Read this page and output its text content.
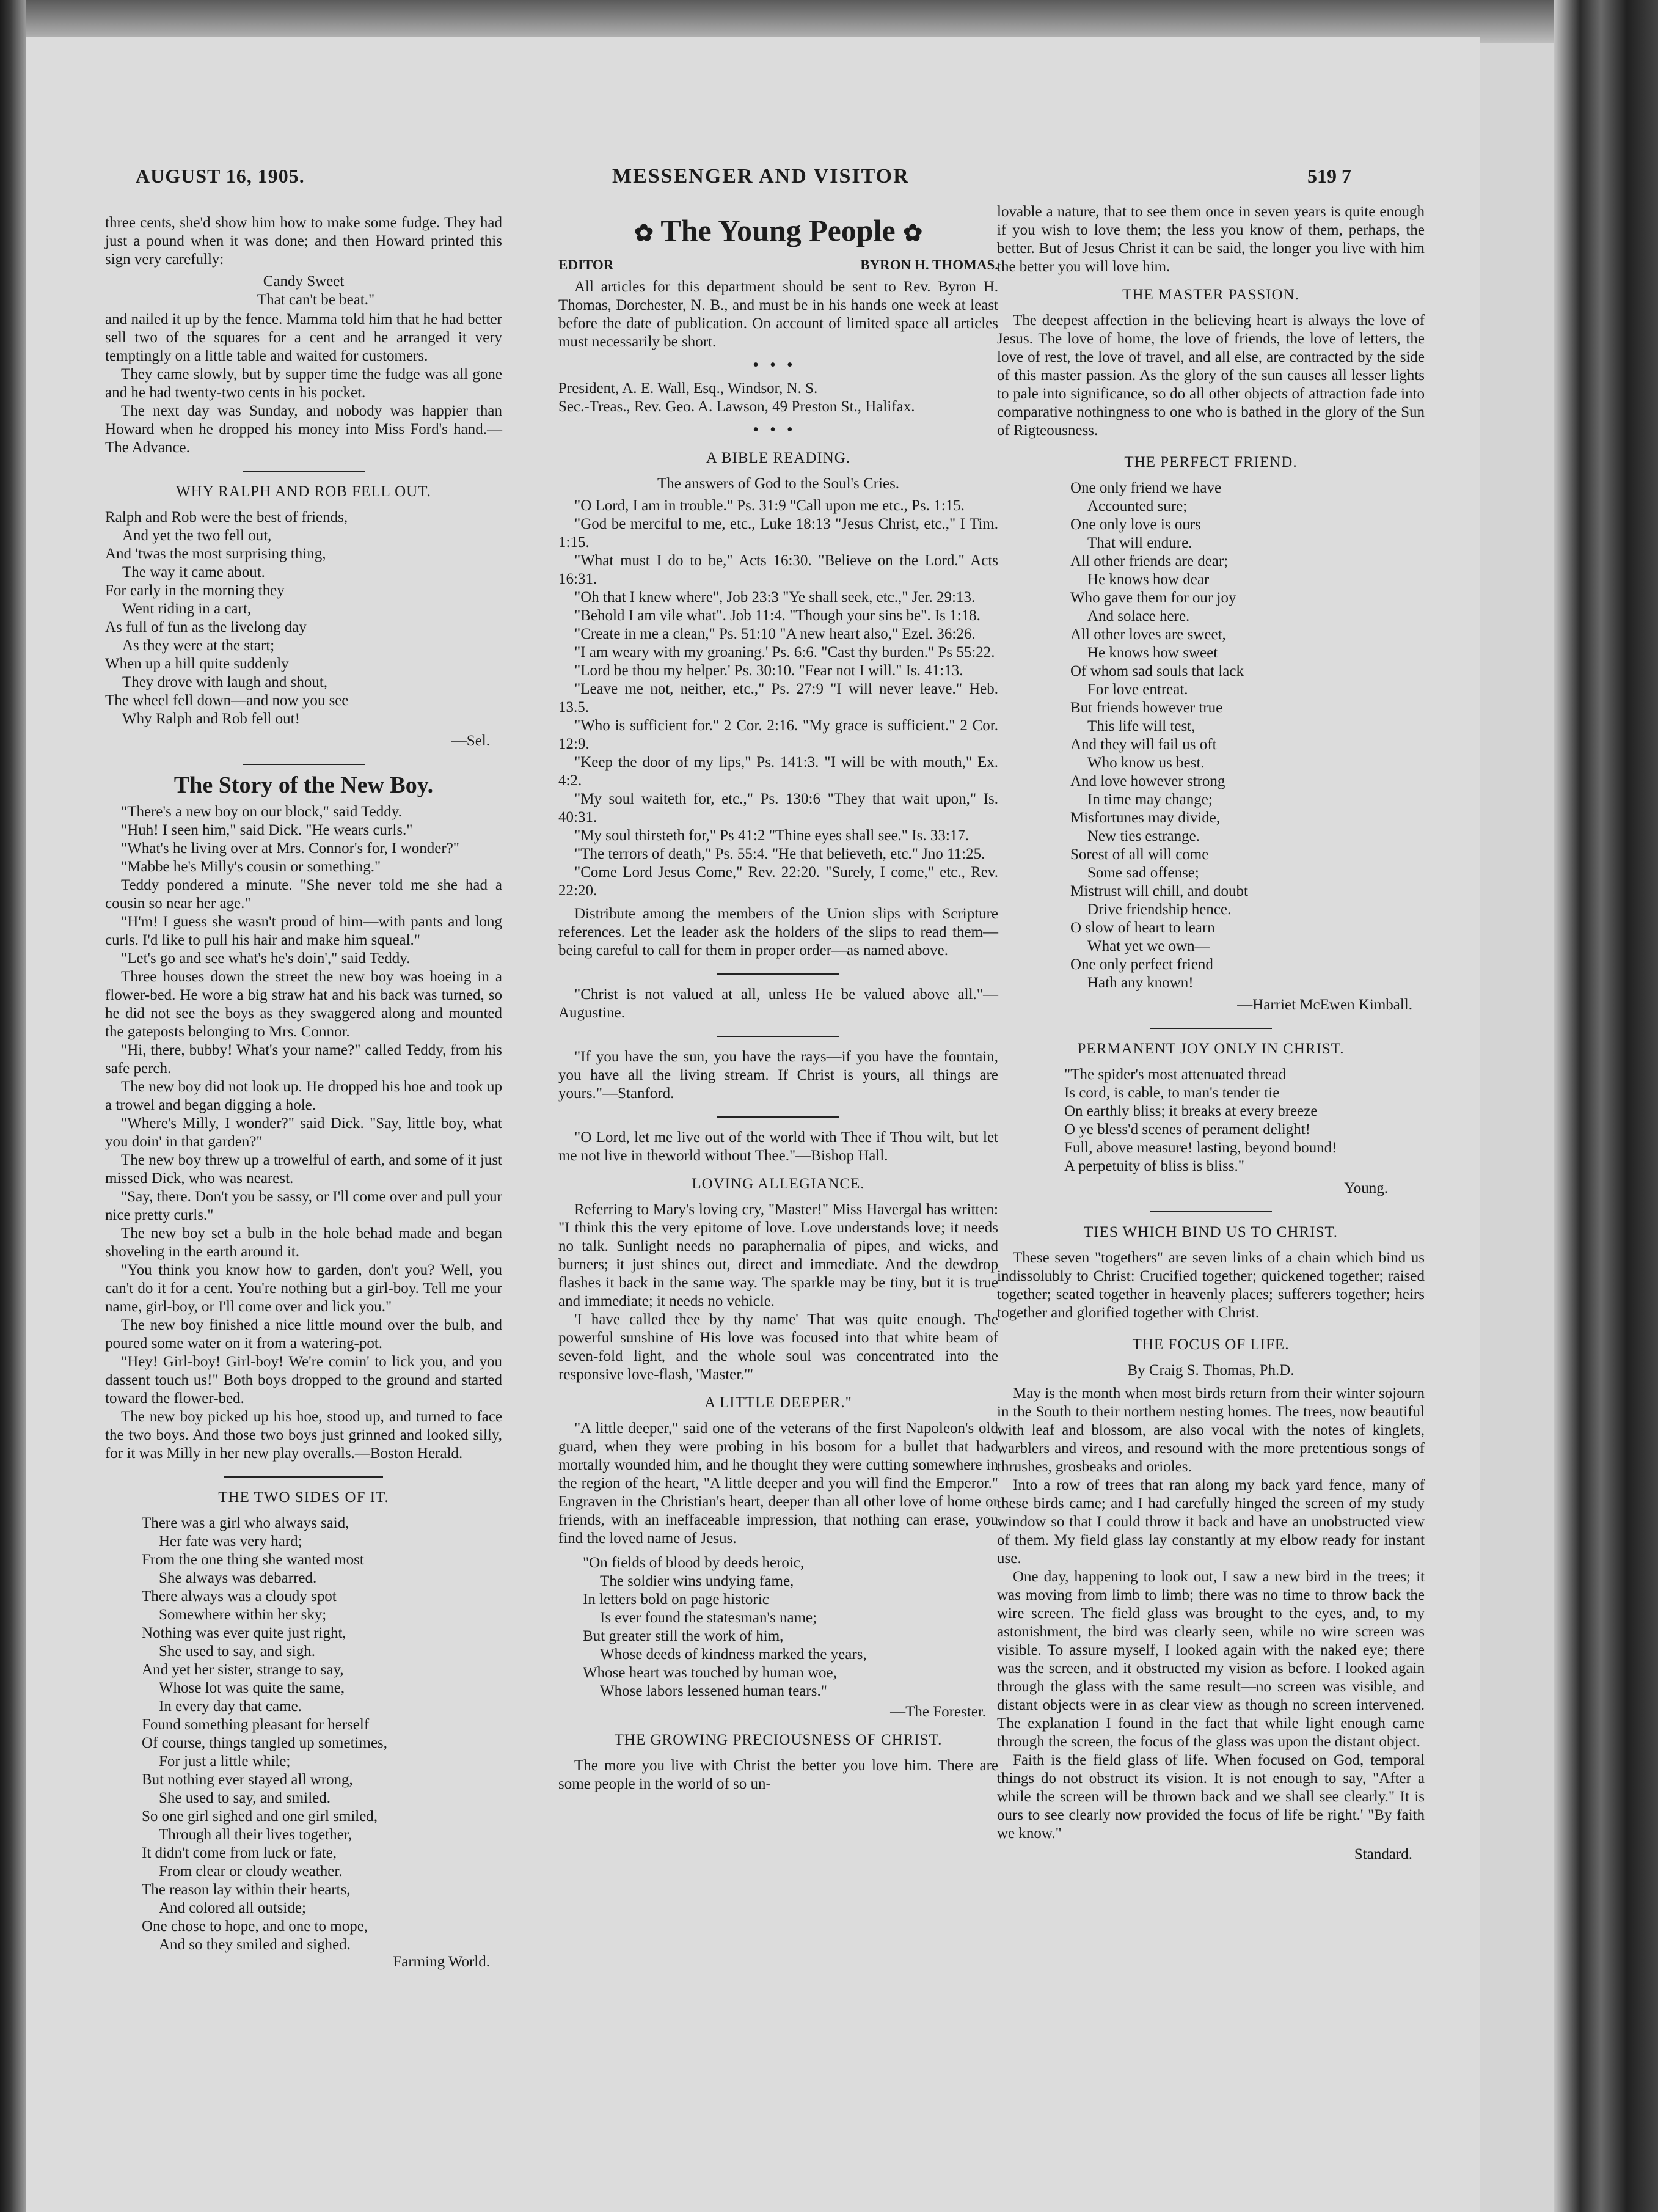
AUGUST 16, 1905.	MESSENGER AND VISITOR	519 7

three cents, she'd show him how to make some fudge. They had just a pound when it was done; and then Howard printed this sign very carefully:

Candy Sweet
That can't be beat."

and nailed it up by the fence. Mamma told him that he had better sell two of the squares for a cent and he arranged it very temptingly on a little table and waited for customers.

They came slowly, but by supper time the fudge was all gone and he had twenty-two cents in his pocket.

The next day was Sunday, and nobody was happier than Howard when he dropped his money into Miss Ford's hand.—The Advance.

WHY RALPH AND ROB FELL OUT.
Ralph and Rob were the best of friends,
And yet the two fell out,
And 'twas the most surprising thing,
The way it came about.
For early in the morning they
Went riding in a cart,
As full of fun as the livelong day
As they were at the start;
When up a hill quite suddenly
They drove with laugh and shout,
The wheel fell down—and now you see
Why Ralph and Rob fell out!
—Sel.
The Story of the New Boy.

"There's a new boy on our block," said Teddy.

"Huh! I seen him," said Dick. "He wears curls."

"What's he living over at Mrs. Connor's for, I wonder?"

"Mabbe he's Milly's cousin or something."

Teddy pondered a minute. "She never told me she had a cousin so near her age."

"H'm! I guess she wasn't proud of him—with pants and long curls. I'd like to pull his hair and make him squeal."

"Let's go and see what's he's doin'," said Teddy.

Three houses down the street the new boy was hoeing in a flower-bed. He wore a big straw hat and his back was turned, so he did not see the boys as they swaggered along and mounted the gateposts belonging to Mrs. Connor.

"Hi, there, bubby! What's your name?" called Teddy, from his safe perch.

The new boy did not look up. He dropped his hoe and took up a trowel and began digging a hole.

"Where's Milly, I wonder?" said Dick. "Say, little boy, what you doin' in that garden?"

The new boy threw up a trowelful of earth, and some of it just missed Dick, who was nearest.

"Say, there. Don't you be sassy, or I'll come over and pull your nice pretty curls."

The new boy set a bulb in the hole behad made and began shoveling in the earth around it.

"You think you know how to garden, don't you? Well, you can't do it for a cent. You're nothing but a girl-boy. Tell me your name, girl-boy, or I'll come over and lick you."

The new boy finished a nice little mound over the bulb, and poured some water on it from a watering-pot.

"Hey! Girl-boy! Girl-boy! We're comin' to lick you, and you dassent touch us!" Both boys dropped to the ground and started toward the flower-bed.

The new boy picked up his hoe, stood up, and turned to face the two boys. And those two boys just grinned and looked silly, for it was Milly in her new play overalls.—Boston Herald.

THE TWO SIDES OF IT.
There was a girl who always said,
Her fate was very hard;
From the one thing she wanted most
She always was debarred.
There always was a cloudy spot
Somewhere within her sky;
Nothing was ever quite just right,
She used to say, and sigh.
And yet her sister, strange to say,
Whose lot was quite the same,
In every day that came.
Found something pleasant for herself
Of course, things tangled up sometimes,
For just a little while;
But nothing ever stayed all wrong,
She used to say, and smiled.
So one girl sighed and one girl smiled,
Through all their lives together,
It didn't come from luck or fate,
From clear or cloudy weather.
The reason lay within their hearts,
And colored all outside;
One chose to hope, and one to mope,
And so they smiled and sighed.
Farming World.
✿ The Young People ✿
EDITOR	BYRON H. THOMAS.

All articles for this department should be sent to Rev. Byron H. Thomas, Dorchester, N. B., and must be in his hands one week at least before the date of publication. On account of limited space all articles must necessarily be short.

•••
President, A. E. Wall, Esq., Windsor, N. S.
Sec.-Treas., Rev. Geo. A. Lawson, 49 Preston St., Halifax.
•••
A BIBLE READING.
The answers of God to the Soul's Cries.

"O Lord, I am in trouble." Ps. 31:9 "Call upon me etc., Ps. 1:15.

"God be merciful to me, etc., Luke 18:13 "Jesus Christ, etc.," I Tim. 1:15.

"What must I do to be," Acts 16:30. "Believe on the Lord." Acts 16:31.

"Oh that I knew where", Job 23:3 "Ye shall seek, etc.," Jer. 29:13.

"Behold I am vile what". Job 11:4. "Though your sins be". Is 1:18.

"Create in me a clean," Ps. 51:10 "A new heart also," Ezel. 36:26.

"I am weary with my groaning.' Ps. 6:6. "Cast thy burden." Ps 55:22.

"Lord be thou my helper.' Ps. 30:10. "Fear not I will." Is. 41:13.

"Leave me not, neither, etc.," Ps. 27:9 "I will never leave." Heb. 13.5.

"Who is sufficient for." 2 Cor. 2:16. "My grace is sufficient." 2 Cor. 12:9.

"Keep the door of my lips," Ps. 141:3. "I will be with mouth," Ex. 4:2.

"My soul waiteth for, etc.," Ps. 130:6 "They that wait upon," Is. 40:31.

"My soul thirsteth for," Ps 41:2 "Thine eyes shall see." Is. 33:17.

"The terrors of death," Ps. 55:4. "He that believeth, etc." Jno 11:25.

"Come Lord Jesus Come," Rev. 22:20. "Surely, I come," etc., Rev. 22:20.

Distribute among the members of the Union slips with Scripture references. Let the leader ask the holders of the slips to read them—being careful to call for them in proper order—as named above.

"Christ is not valued at all, unless He be valued above all."—Augustine.

"If you have the sun, you have the rays—if you have the fountain, you have all the living stream. If Christ is yours, all things are yours."—Stanford.

"O Lord, let me live out of the world with Thee if Thou wilt, but let me not live in theworld without Thee."—Bishop Hall.

LOVING ALLEGIANCE.

Referring to Mary's loving cry, "Master!" Miss Havergal has written: "I think this the very epitome of love. Love understands love; it needs no talk. Sunlight needs no paraphernalia of pipes, and wicks, and burners; it just shines out, direct and immediate. And the dewdrop flashes it back in the same way. The sparkle may be tiny, but it is true and immediate; it needs no vehicle.

'I have called thee by thy name' That was quite enough. The powerful sunshine of His love was focused into that white beam of seven-fold light, and the whole soul was concentrated into the responsive love-flash, 'Master.'"

A LITTLE DEEPER."

"A little deeper," said one of the veterans of the first Napoleon's old guard, when they were probing in his bosom for a bullet that had mortally wounded him, and he thought they were cutting somewhere in the region of the heart, "A little deeper and you will find the Emperor." Engraven in the Christian's heart, deeper than all other love of home or friends, with an ineffaceable impression, that nothing can erase, you find the loved name of Jesus.

"On fields of blood by deeds heroic,
The soldier wins undying fame,
In letters bold on page historic
Is ever found the statesman's name;
But greater still the work of him,
Whose deeds of kindness marked the years,
Whose heart was touched by human woe,
Whose labors lessened human tears."
—The Forester.
THE GROWING PRECIOUSNESS OF CHRIST.

The more you live with Christ the better you love him. There are some people in the world of so un-

lovable a nature, that to see them once in seven years is quite enough if you wish to love them; the less you know of them, perhaps, the better. But of Jesus Christ it can be said, the longer you live with him the better you will love him.

THE MASTER PASSION.

The deepest affection in the believing heart is always the love of Jesus. The love of home, the love of friends, the love of letters, the love of rest, the love of travel, and all else, are contracted by the side of this master passion. As the glory of the sun causes all lesser lights to pale into significance, so do all other objects of attraction fade into comparative nothingness to one who is bathed in the glory of the Sun of Rigteousness.

THE PERFECT FRIEND.
One only friend we have
Accounted sure;
One only love is ours
That will endure.
All other friends are dear;
He knows how dear
Who gave them for our joy
And solace here.
All other loves are sweet,
He knows how sweet
Of whom sad souls that lack
For love entreat.
But friends however true
This life will test,
And they will fail us oft
Who know us best.
And love however strong
In time may change;
Misfortunes may divide,
New ties estrange.
Sorest of all will come
Some sad offense;
Mistrust will chill, and doubt
Drive friendship hence.
O slow of heart to learn
What yet we own—
One only perfect friend
Hath any known!
—Harriet McEwen Kimball.
PERMANENT JOY ONLY IN CHRIST.
"The spider's most attenuated thread
Is cord, is cable, to man's tender tie
On earthly bliss; it breaks at every breeze
O ye bless'd scenes of perament delight!
Full, above measure! lasting, beyond bound!
A perpetuity of bliss is bliss."
Young.
TIES WHICH BIND US TO CHRIST.

These seven "togethers" are seven links of a chain which bind us indissolubly to Christ: Crucified together; quickened together; raised together; seated together in heavenly places; sufferers together; heirs together and glorified together with Christ.

THE FOCUS OF LIFE.
By Craig S. Thomas, Ph.D.

May is the month when most birds return from their winter sojourn in the South to their northern nesting homes. The trees, now beautiful with leaf and blossom, are also vocal with the notes of kinglets, warblers and vireos, and resound with the more pretentious songs of thrushes, grosbeaks and orioles.

Into a row of trees that ran along my back yard fence, many of these birds came; and I had carefully hinged the screen of my study window so that I could throw it back and have an unobstructed view of them. My field glass lay constantly at my elbow ready for instant use.

One day, happening to look out, I saw a new bird in the trees; it was moving from limb to limb; there was no time to throw back the wire screen. The field glass was brought to the eyes, and, to my astonishment, the bird was clearly seen, while no wire screen was visible. To assure myself, I looked again with the naked eye; there was the screen, and it obstructed my vision as before. I looked again through the glass with the same result—no screen was visible, and distant objects were in as clear view as though no screen intervened. The explanation I found in the fact that while light enough came through the screen, the focus of the glass was upon the distant object.

Faith is the field glass of life. When focused on God, temporal things do not obstruct its vision. It is not enough to say, "After a while the screen will be thrown back and we shall see clearly." It is ours to see clearly now provided the focus of life be right.' "By faith we know."

Standard.
